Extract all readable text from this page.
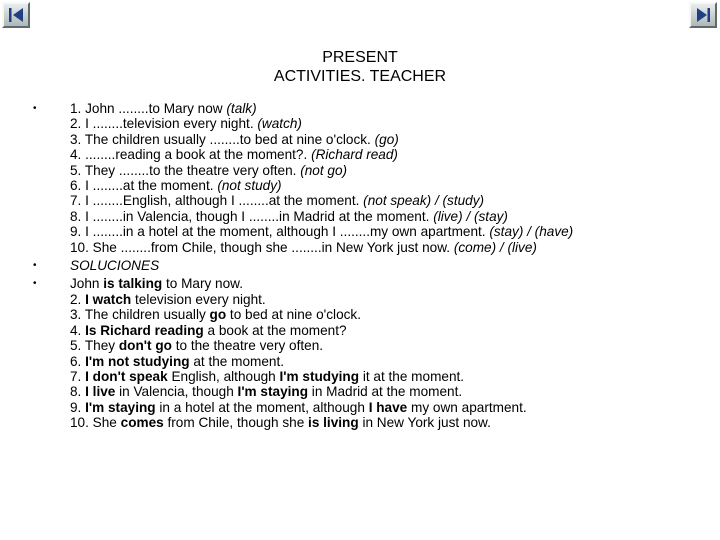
PRESENT
ACTIVITIES. TEACHER
• 1. John ........to Mary now (talk)
2. I ........television every night. (watch)
3. The children usually ........to bed at nine o'clock. (go)
4. ........reading a book at the moment?. (Richard read)
5. They ........to the theatre very often. (not go)
6. I ........at the moment. (not study)
7. I ........English, although I ........at the moment. (not speak) / (study)
8. I ........in Valencia, though I ........in Madrid at the moment. (live) / (stay)
9. I ........in a hotel at the moment, although I ........my own apartment. (stay) / (have)
10. She ........from Chile, though she ........in New York just now. (come) / (live)
• SOLUCIONES
• John is talking to Mary now.
2. I watch television every night.
3. The children usually go to bed at nine o'clock.
4. Is Richard reading a book at the moment?
5. They don't go to the theatre very often.
6. I'm not studying at the moment.
7. I don't speak English, although I'm studying it at the moment.
8. I live in Valencia, though I'm staying in Madrid at the moment.
9. I'm staying in a hotel at the moment, although I have my own apartment.
10. She comes from Chile, though she is living in New York just now.
